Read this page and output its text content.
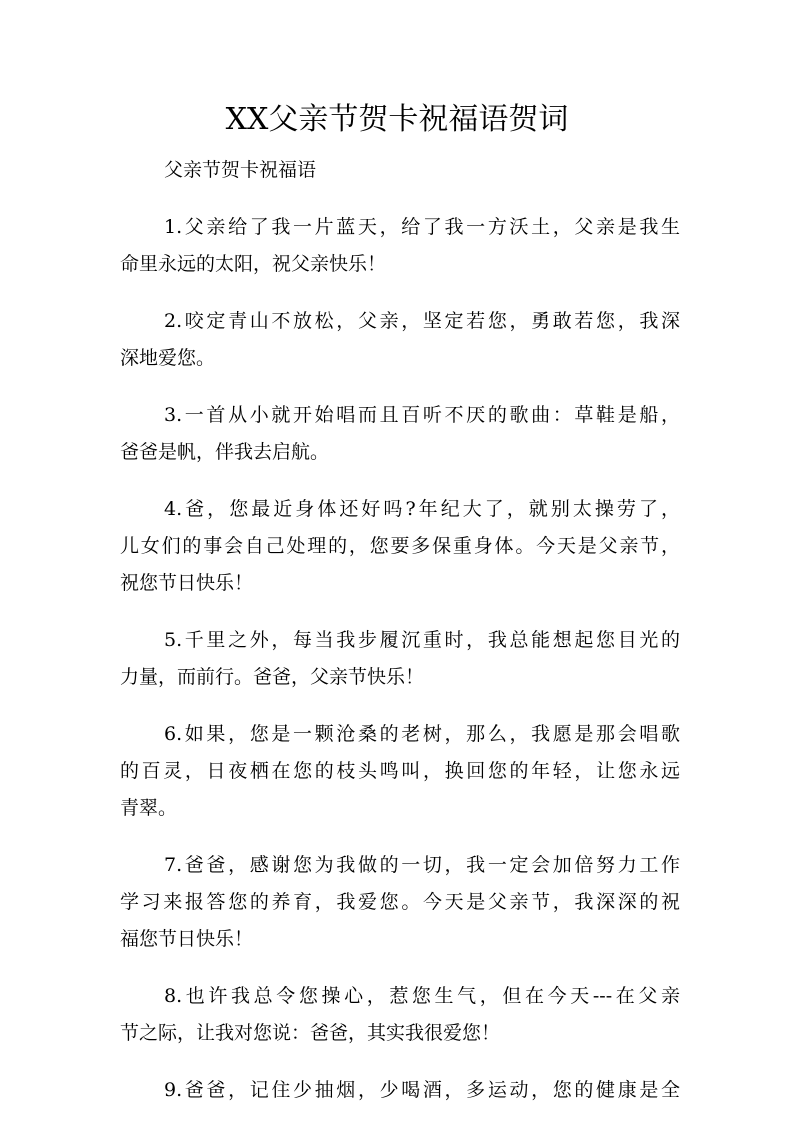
XX父亲节贺卡祝福语贺词
父亲节贺卡祝福语
1.父亲给了我一片蓝天，给了我一方沃土，父亲是我生
命里永远的太阳，祝父亲快乐！
2.咬定青山不放松，父亲，坚定若您，勇敢若您，我深
深地爱您。
3.一首从小就开始唱而且百听不厌的歌曲：草鞋是船，
爸爸是帆，伴我去启航。
4.爸，您最近身体还好吗?年纪大了，就别太操劳了，
儿女们的事会自己处理的，您要多保重身体。今天是父亲节，
祝您节日快乐！
5.千里之外，每当我步履沉重时，我总能想起您目光的
力量，而前行。爸爸，父亲节快乐！
6.如果，您是一颗沧桑的老树，那么，我愿是那会唱歌
的百灵，日夜栖在您的枝头鸣叫，换回您的年轻，让您永远
青翠。
7.爸爸，感谢您为我做的一切，我一定会加倍努力工作
学习来报答您的养育，我爱您。今天是父亲节，我深深的祝
福您节日快乐！
8.也许我总令您操心，惹您生气，但在今天---在父亲
节之际，让我对您说：爸爸，其实我很爱您！
9.爸爸，记住少抽烟，少喝酒，多运动，您的健康是全
